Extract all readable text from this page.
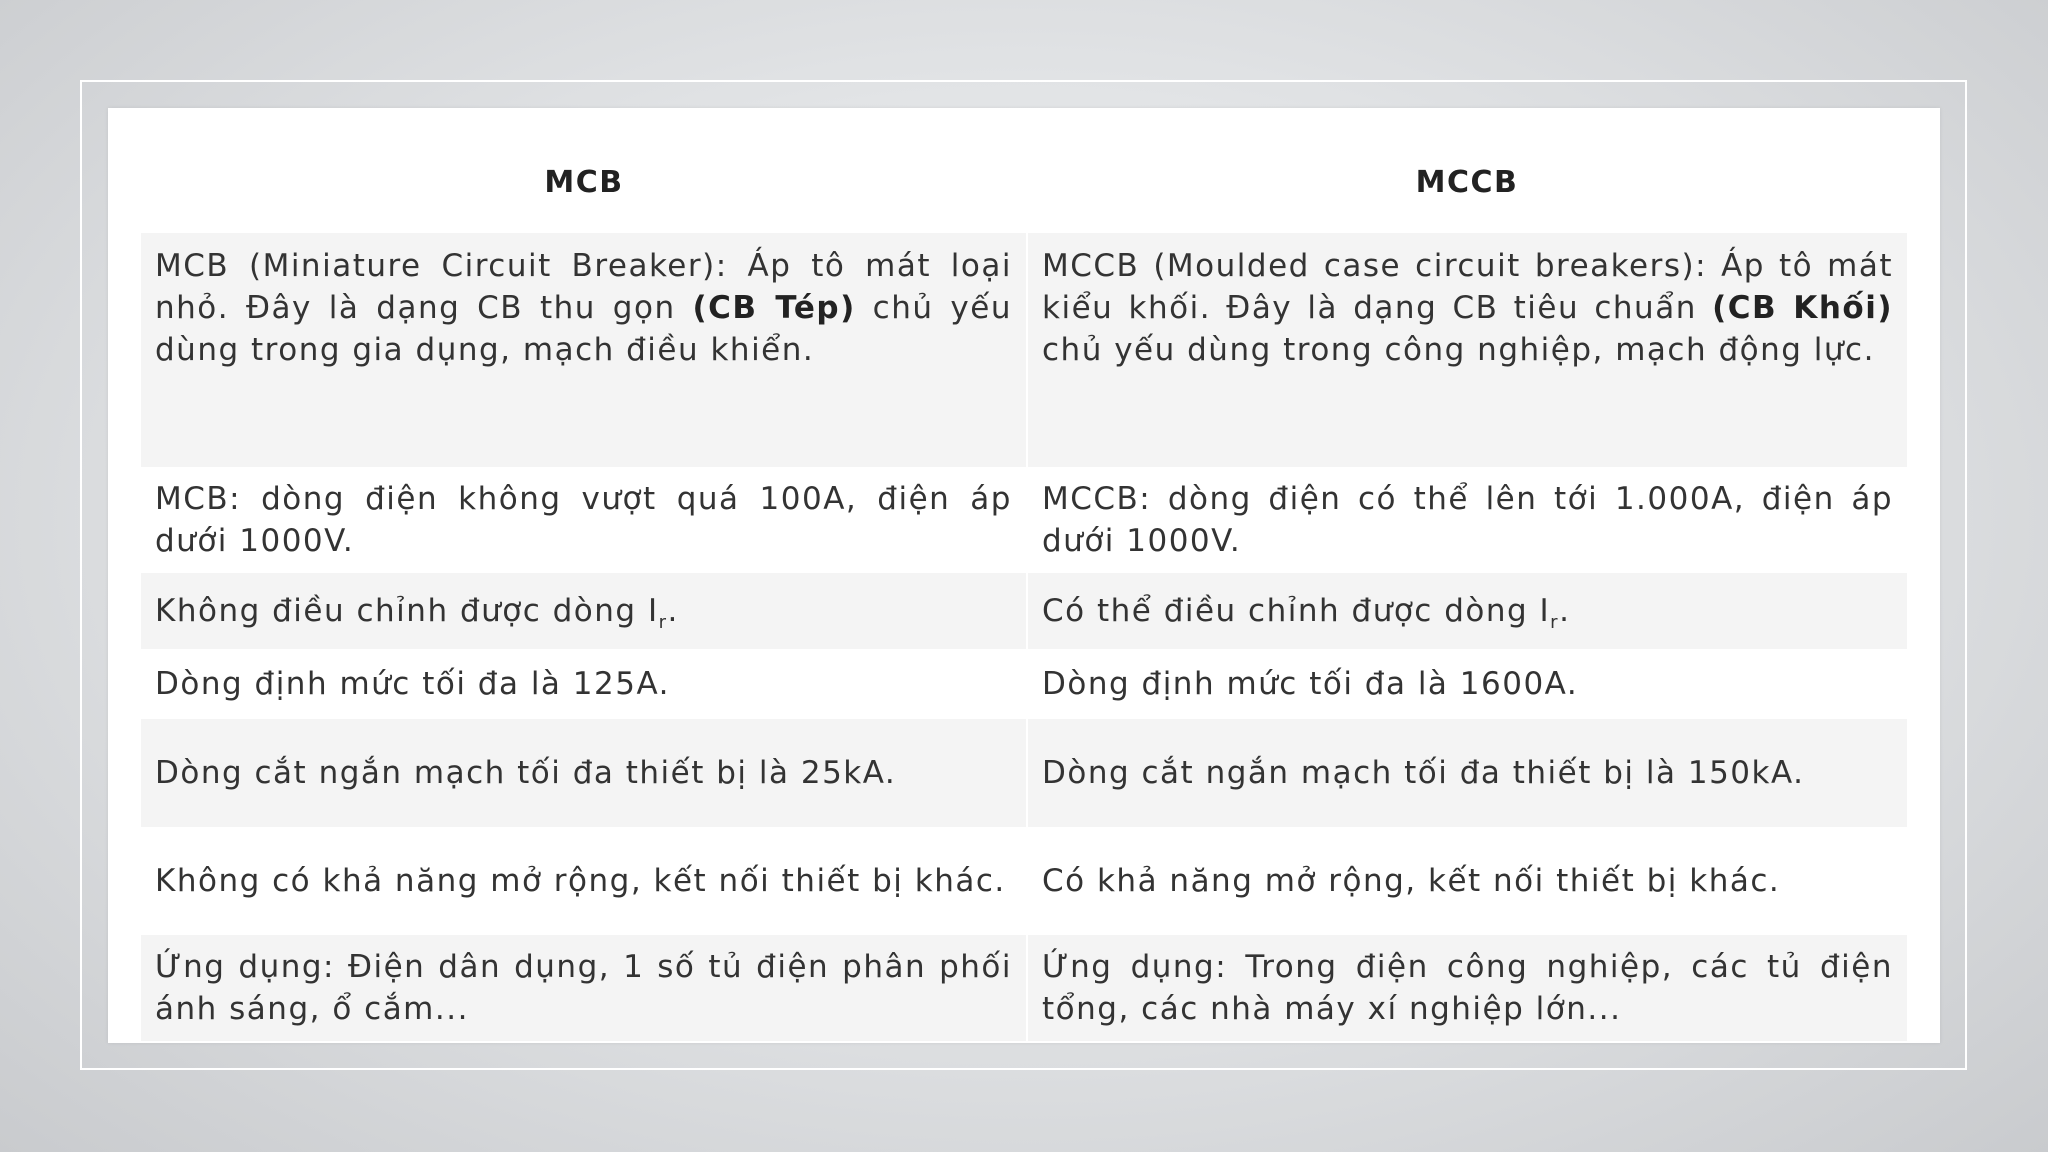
MCB	MCCB
MCB (Miniature Circuit Breaker): Áp tô mát loại nhỏ. Đây là dạng CB thu gọn (CB Tép) chủ yếu dùng trong gia dụng, mạch điều khiển.	MCCB (Moulded case circuit breakers): Áp tô mát kiểu khối. Đây là dạng CB tiêu chuẩn (CB Khối) chủ yếu dùng trong công nghiệp, mạch động lực.
MCB: dòng điện không vượt quá 100A, điện áp dưới 1000V.	MCCB: dòng điện có thể lên tới 1.000A, điện áp dưới 1000V.
Không điều chỉnh được dòng $I_r$.	Có thể điều chỉnh được dòng $I_r$.
Dòng định mức tối đa là 125A.	Dòng định mức tối đa là 1600A.
Dòng cắt ngắn mạch tối đa thiết bị là 25kA.	Dòng cắt ngắn mạch tối đa thiết bị là 150kA.
Không có khả năng mở rộng, kết nối thiết bị khác.	Có khả năng mở rộng, kết nối thiết bị khác.
Ứng dụng: Điện dân dụng, 1 số tủ điện phân phối ánh sáng, ổ cắm...	Ứng dụng: Trong điện công nghiệp, các tủ điện tổng, các nhà máy xí nghiệp lớn...
